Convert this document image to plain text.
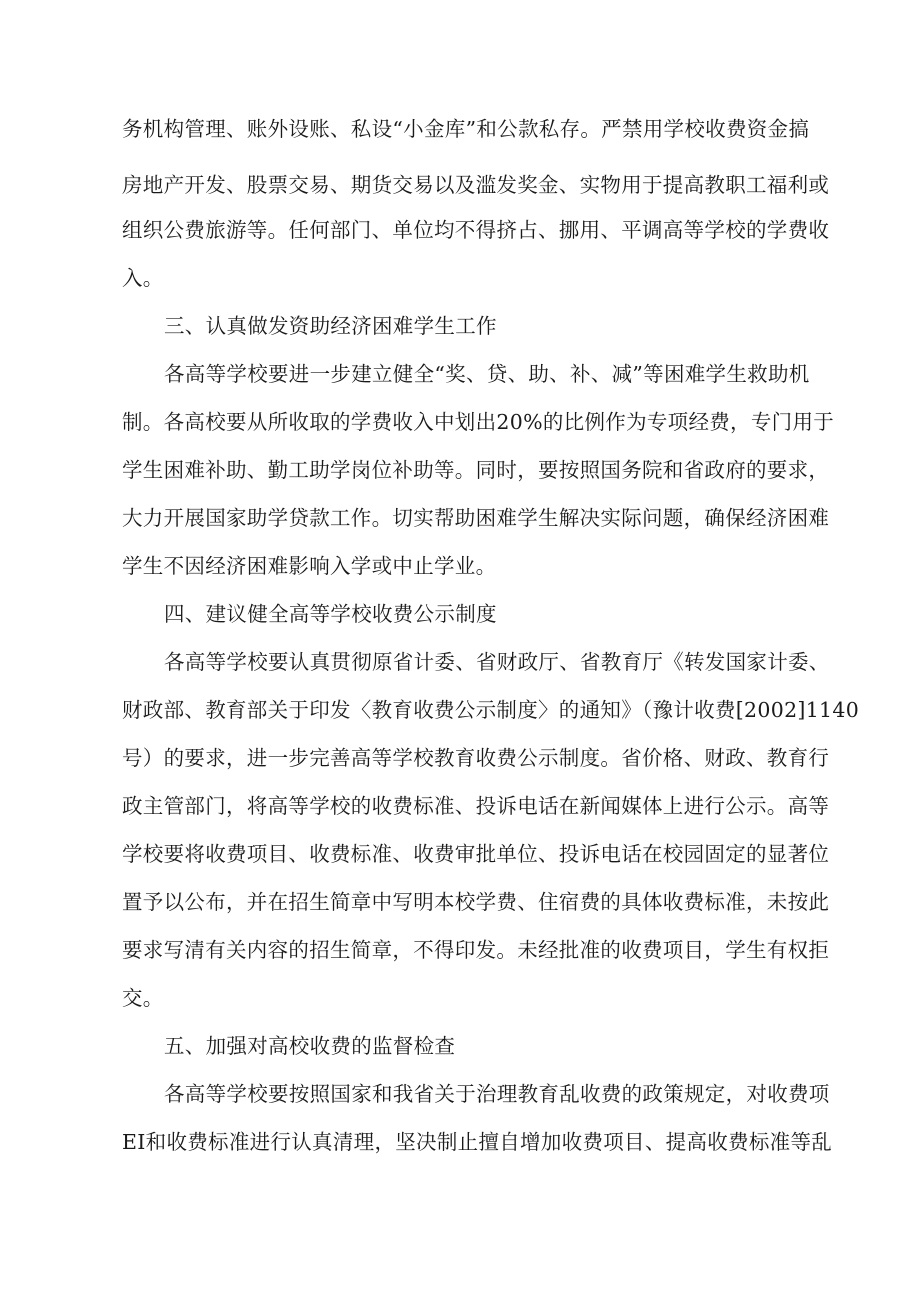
务机构管理、账外设账、私设“小金库”和公款私存。严禁用学校收费资金搞

房地产开发、股票交易、期货交易以及滥发奖金、实物用于提高教职工福利或

组织公费旅游等。任何部门、单位均不得挤占、挪用、平调高等学校的学费收

入。

三、认真做发资助经济困难学生工作

各高等学校要进一步建立健全“奖、贷、助、补、减”等困难学生救助机

制。各高校要从所收取的学费收入中划出20%的比例作为专项经费，专门用于

学生困难补助、勤工助学岗位补助等。同时，要按照国务院和省政府的要求，

大力开展国家助学贷款工作。切实帮助困难学生解决实际问题，确保经济困难

学生不因经济困难影响入学或中止学业。

四、建议健全高等学校收费公示制度

各高等学校要认真贯彻原省计委、省财政厅、省教育厅《转发国家计委、

财政部、教育部关于印发〈教育收费公示制度〉的通知》（豫计收费[2002]1140

号）的要求，进一步完善高等学校教育收费公示制度。省价格、财政、教育行

政主管部门，将高等学校的收费标准、投诉电话在新闻媒体上进行公示。高等

学校要将收费项目、收费标准、收费审批单位、投诉电话在校园固定的显著位

置予以公布，并在招生简章中写明本校学费、住宿费的具体收费标准，未按此

要求写清有关内容的招生简章，不得印发。未经批准的收费项目，学生有权拒

交。

五、加强对高校收费的监督检查

各高等学校要按照国家和我省关于治理教育乱收费的政策规定，对收费项

EI和收费标准进行认真清理，坚决制止擅自增加收费项目、提高收费标准等乱
